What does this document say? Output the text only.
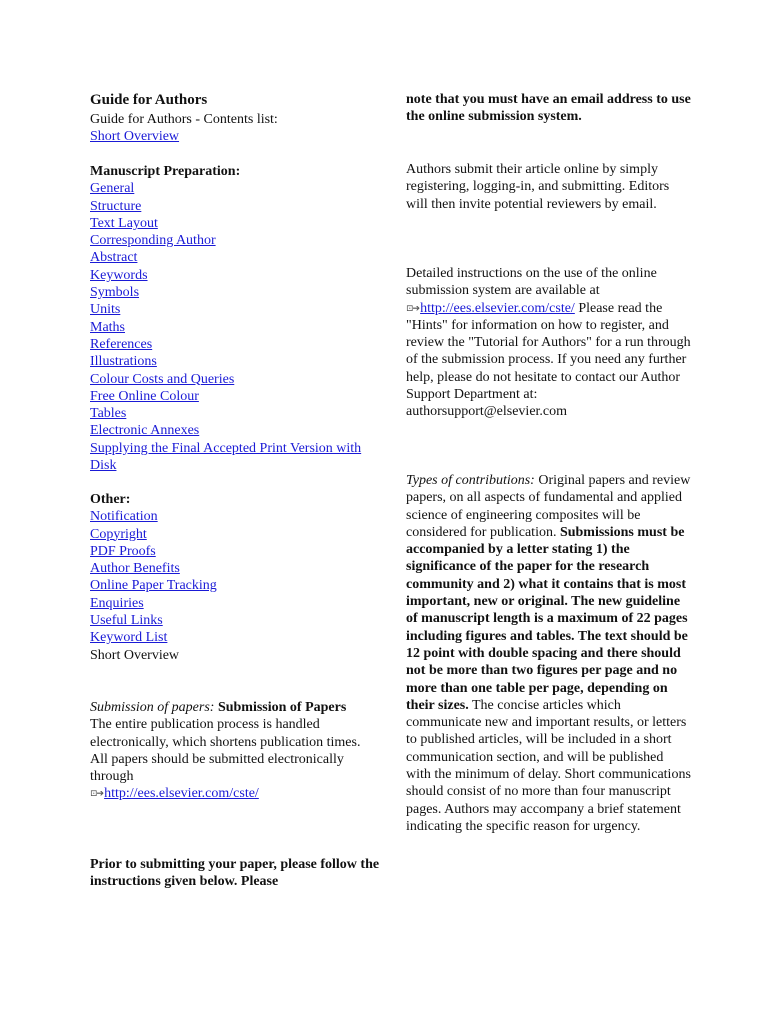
Guide for Authors

Guide for Authors - Contents list:

Short Overview

Manuscript Preparation:

General
Structure
Text Layout
Corresponding Author
Abstract
Keywords
Symbols
Units
Maths
References
Illustrations
Colour Costs and Queries
Free Online Colour
Tables
Electronic Annexes
Supplying the Final Accepted Print Version with Disk

Other:

Notification
Copyright
PDF Proofs
Author Benefits
Online Paper Tracking
Enquiries
Useful Links
Keyword List
Short Overview

Submission of papers: Submission of Papers

The entire publication process is handled electronically, which shortens publication times. All papers should be submitted electronically through

⊡➔http://ees.elsevier.com/cste/

Prior to submitting your paper, please follow the instructions given below. Please

note that you must have an email address to use the online submission system.

Authors submit their article online by simply registering, logging-in, and submitting. Editors will then invite potential reviewers by email.

Detailed instructions on the use of the online submission system are available at
⊡➔http://ees.elsevier.com/cste/ Please read the "Hints" for information on how to register, and review the "Tutorial for Authors" for a run through of the submission process. If you need any further help, please do not hesitate to contact our Author Support Department at: authorsupport@elsevier.com

Types of contributions: Original papers and review papers, on all aspects of fundamental and applied science of engineering composites will be considered for publication. Submissions must be accompanied by a letter stating 1) the significance of the paper for the research community and 2) what it contains that is most important, new or original. The new guideline of manuscript length is a maximum of 22 pages including figures and tables. The text should be 12 point with double spacing and there should not be more than two figures per page and no more than one table per page, depending on their sizes. The concise articles which communicate new and important results, or letters to published articles, will be included in a short communication section, and will be published with the minimum of delay. Short communications should consist of no more than four manuscript pages. Authors may accompany a brief statement indicating the specific reason for urgency.
